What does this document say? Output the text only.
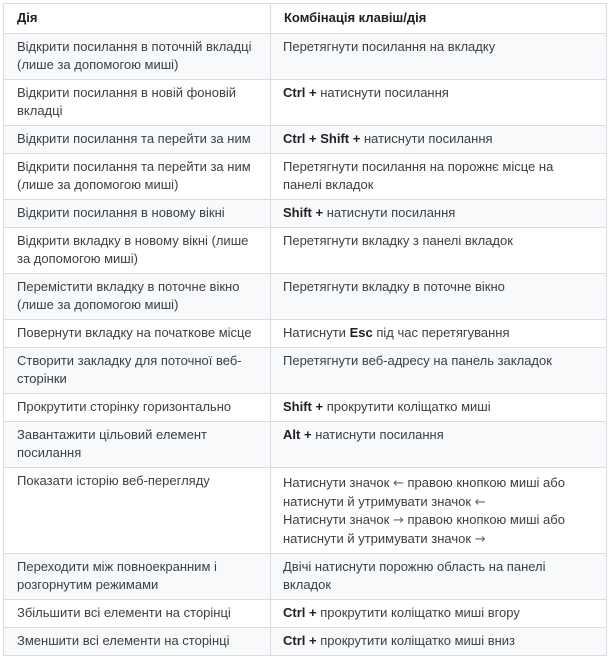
Дія	Комбінація клавіш/дія
Відкрити посилання в поточній вкладці (лише за допомогою миші)	Перетягнути посилання на вкладку
Відкрити посилання в новій фоновій вкладці	Ctrl + натиснути посилання
Відкрити посилання та перейти за ним	Ctrl + Shift + натиснути посилання
Відкрити посилання та перейти за ним (лише за допомогою миші)	Перетягнути посилання на порожнє місце на панелі вкладок
Відкрити посилання в новому вікні	Shift + натиснути посилання
Відкрити вкладку в новому вікні (лише за допомогою миші)	Перетягнути вкладку з панелі вкладок
Перемістити вкладку в поточне вікно (лише за допомогою миші)	Перетягнути вкладку в поточне вікно
Повернути вкладку на початкове місце	Натиснути Esc під час перетягування
Створити закладку для поточної веб-сторінки	Перетягнути веб-адресу на панель закладок
Прокрутити сторінку горизонтально	Shift + прокрутити коліщатко миші
Завантажити цільовий елемент посилання	Alt + натиснути посилання
Показати історію веб-перегляду	Натиснути значок ← правою кнопкою миші або
натиснути й утримувати значок ←
Натиснути значок → правою кнопкою миші або
натиснути й утримувати значок →

Переходити між повноекранним і розгорнутим режимами	Двічі натиснути порожню область на панелі вкладок
Збільшити всі елементи на сторінці	Ctrl + прокрутити коліщатко миші вгору
Зменшити всі елементи на сторінці	Ctrl + прокрутити коліщатко миші вниз
